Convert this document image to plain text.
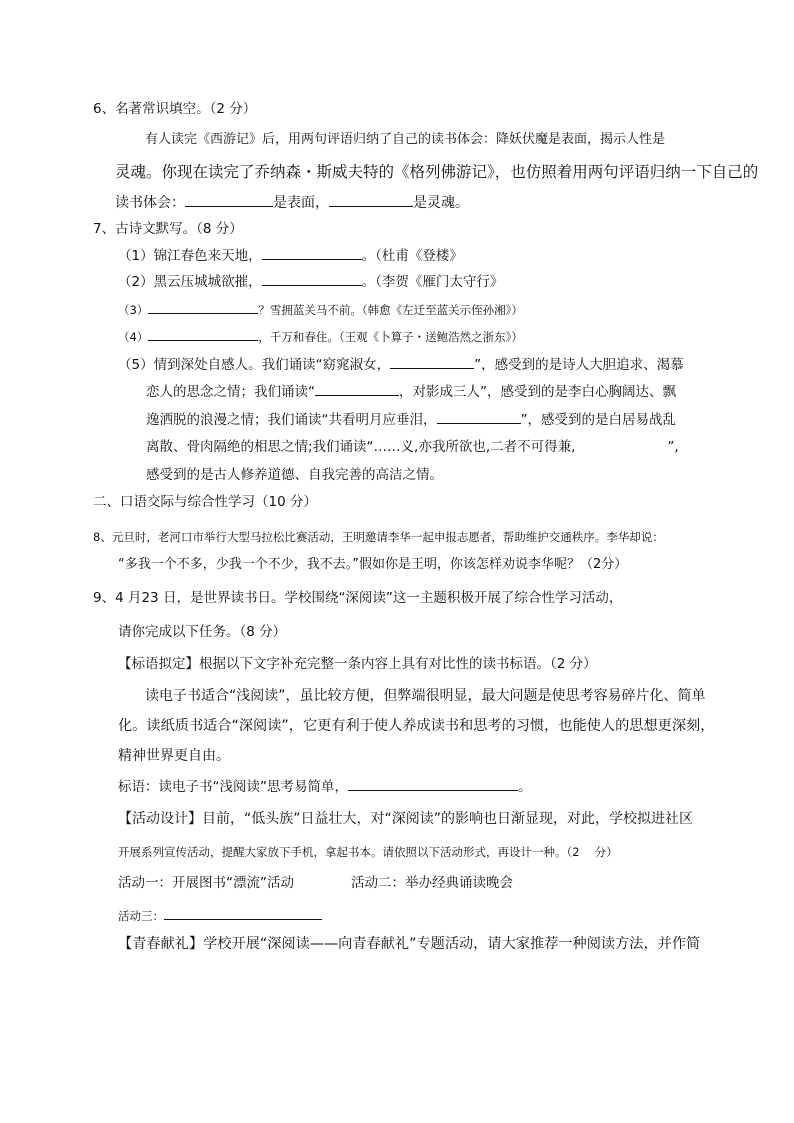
6、名著常识填空。（2 分）
有人读完《西游记》后，用两句评语归纳了自己的读书体会：降妖伏魔是表面，揭示人性是
灵魂。你现在读完了乔纳森・斯威夫特的《格列佛游记》，也仿照着用两句评语归纳一下自己的
读书体会：	是表面，	是灵魂。
7、古诗文默写。（8 分）
（1）锦江春色来天地，	。（杜甫《登楼》
（2）黑云压城城欲摧，	。（李贺《雁门太守行》
（3）	？雪拥蓝关马不前。（韩愈《左迁至蓝关示侄孙湘》）
（4）	，千万和春住。（王观《卜算子・送鲍浩然之浙东》）
（5）情到深处自感人。我们诵读“窈窕淑女，	”，感受到的是诗人大胆追求、渴慕
恋人的思念之情；我们诵读“	，对影成三人”，感受到的是李白心胸阔达、飘
逸洒脱的浪漫之情；我们诵读“共看明月应垂泪，	”，感受到的是白居易战乱
离散、骨肉隔绝的相思之情;我们诵读“……义,亦我所欲也,二者不可得兼,	”,
感受到的是古人修养道德、自我完善的高洁之情。
二、口语交际与综合性学习（10 分）
8、元旦时，老河口市举行大型马拉松比赛活动，王明邀请李华一起申报志愿者，帮助维护交通秩序。李华却说：
“多我一个不多，少我一个不少，我不去。”假如你是王明，你该怎样劝说李华呢？（2分）
9、4 月23 日，是世界读书日。学校围绕“深阅读”这一主题积极开展了综合性学习活动，
请你完成以下任务。（8 分）
【标语拟定】根据以下文字补充完整一条内容上具有对比性的读书标语。（2 分）
读电子书适合“浅阅读”，虽比较方便，但弊端很明显，最大问题是使思考容易碎片化、简单
化。读纸质书适合“深阅读”，它更有利于使人养成读书和思考的习惯，也能使人的思想更深刻，
精神世界更自由。
标语：读电子书“浅阅读”思考易简单，	。
【活动设计】目前，“低头族”日益壮大，对“深阅读”的影响也日渐显现，对此，学校拟进社区
开展系列宣传活动，提醒大家放下手机，拿起书本。请依照以下活动形式，再设计一种。（2　 分）
活动一：开展图书“漂流”活动	活动二：举办经典诵读晚会
活动三：
【青春献礼】学校开展“深阅读——向青春献礼”专题活动，请大家推荐一种阅读方法，并作简
